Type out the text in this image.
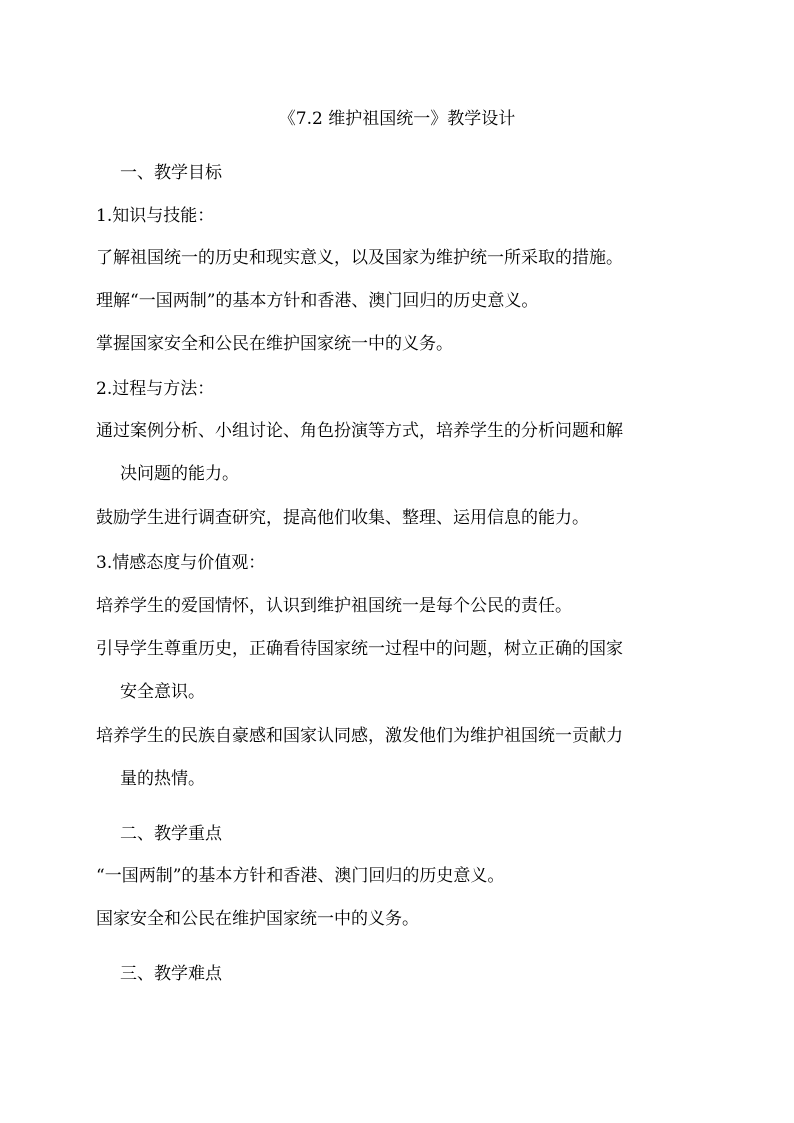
《7.2 维护祖国统一》教学设计
一、教学目标
1.知识与技能：
了解祖国统一的历史和现实意义，以及国家为维护统一所采取的措施。
理解“一国两制”的基本方针和香港、澳门回归的历史意义。
掌握国家安全和公民在维护国家统一中的义务。
2.过程与方法：
通过案例分析、小组讨论、角色扮演等方式，培养学生的分析问题和解
决问题的能力。
鼓励学生进行调查研究，提高他们收集、整理、运用信息的能力。
3.情感态度与价值观：
培养学生的爱国情怀，认识到维护祖国统一是每个公民的责任。
引导学生尊重历史，正确看待国家统一过程中的问题，树立正确的国家
安全意识。
培养学生的民族自豪感和国家认同感，激发他们为维护祖国统一贡献力
量的热情。
二、教学重点
“一国两制”的基本方针和香港、澳门回归的历史意义。
国家安全和公民在维护国家统一中的义务。
三、教学难点
